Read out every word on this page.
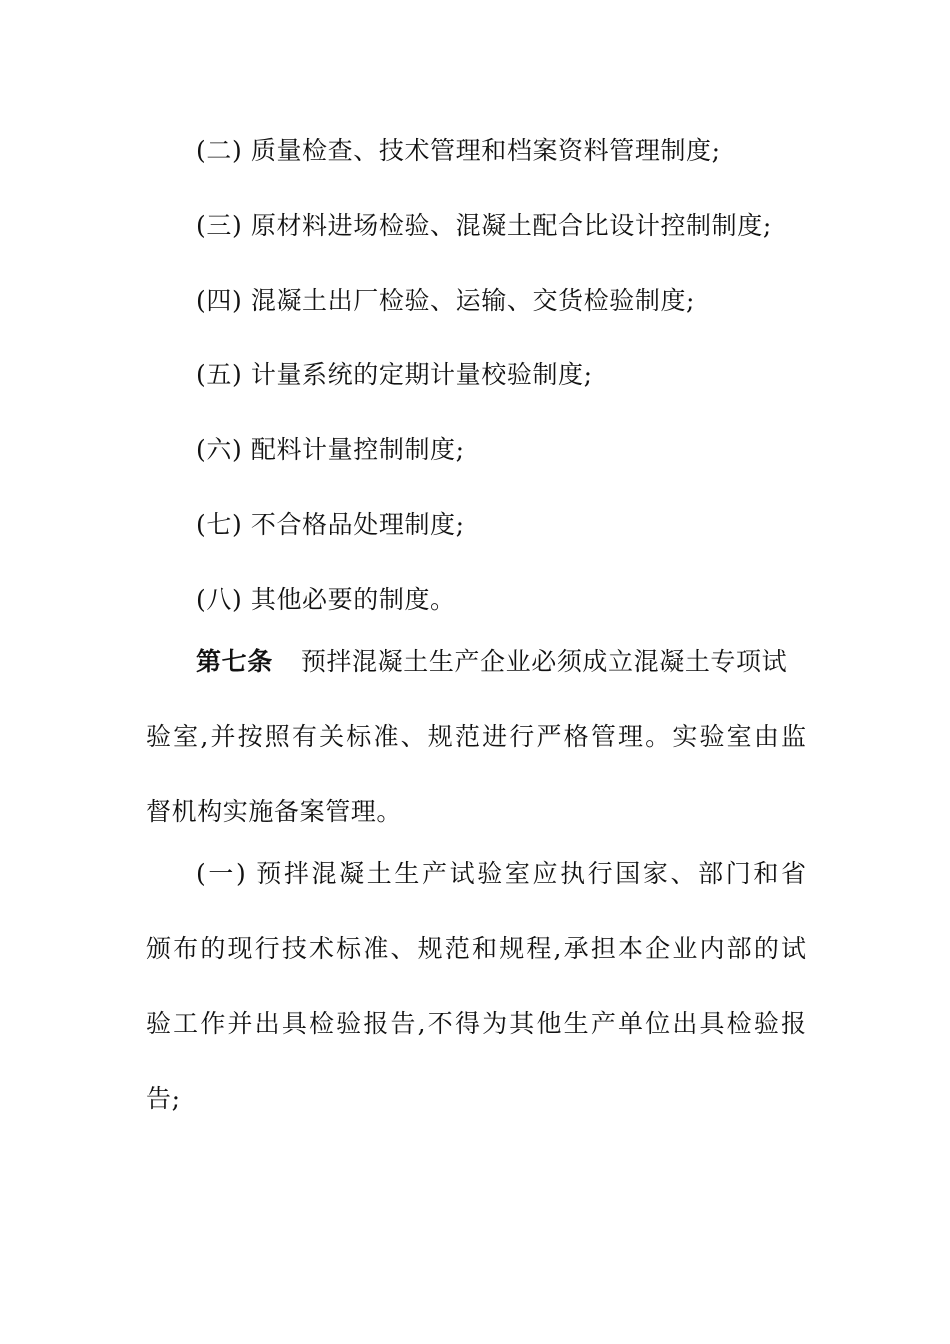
(二) 质量检查、技术管理和档案资料管理制度;
(三) 原材料进场检验、混凝土配合比设计控制制度;
(四) 混凝土出厂检验、运输、交货检验制度;
(五) 计量系统的定期计量校验制度;
(六) 配料计量控制制度;
(七) 不合格品处理制度;
(八) 其他必要的制度。
第七条 预拌混凝土生产企业必须成立混凝土专项试
验室,并按照有关标准、规范进行严格管理。实验室由监
督机构实施备案管理。
(一) 预拌混凝土生产试验室应执行国家、部门和省
颁布的现行技术标准、规范和规程,承担本企业内部的试
验工作并出具检验报告,不得为其他生产单位出具检验报
告;
